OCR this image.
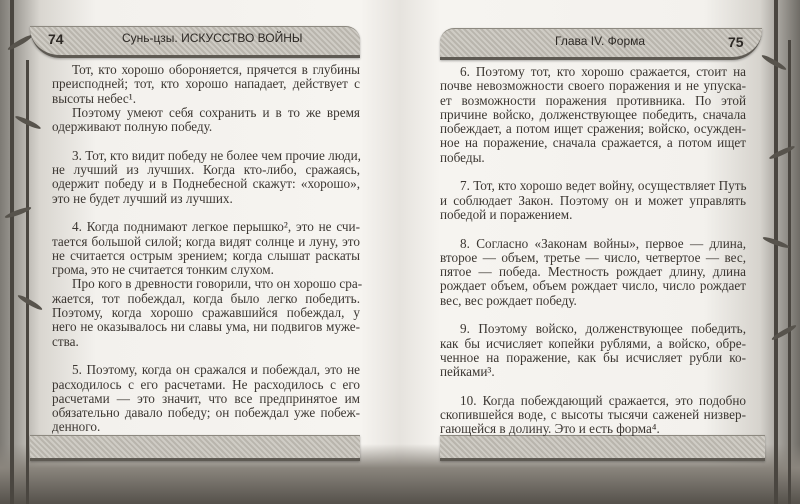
74	Сунь-цзы. ИСКУССТВО ВОЙНЫ	Глава IV. Форма	75
Тот, кто хорошо обороняется, прячется в глубины
преисподней; тот, кто хорошо нападает, действует с
высоты небес¹.
Поэтому умеют себя сохранить и в то же время
одерживают полную победу.
3. Тот, кто видит победу не более чем прочие люди,
не лучший из лучших. Когда кто-либо, сражаясь,
одержит победу и в Поднебесной скажут: «хорошо»,
это не будет лучший из лучших.
4. Когда поднимают легкое перышко², это не счи-
тается большой силой; когда видят солнце и луну, это
не считается острым зрением; когда слышат раскаты
грома, это не считается тонким слухом.
Про кого в древности говорили, что он хорошо сра-
жается, тот побеждал, когда было легко победить.
Поэтому, когда хорошо сражавшийся побеждал, у
него не оказывалось ни славы ума, ни подвигов муже-
ства.
5. Поэтому, когда он сражался и побеждал, это не
расходилось с его расчетами. Не расходилось с его
расчетами — это значит, что все предпринятое им
обязательно давало победу; он побеждал уже побеж-
денного.
6. Поэтому тот, кто хорошо сражается, стоит на
почве невозможности своего поражения и не упуска-
ет возможности поражения противника. По этой
причине войско, долженствующее победить, сначала
побеждает, а потом ищет сражения; войско, осужден-
ное на поражение, сначала сражается, а потом ищет
победы.
7. Тот, кто хорошо ведет войну, осуществляет Путь
и соблюдает Закон. Поэтому он и может управлять
победой и поражением.
8. Согласно «Законам войны», первое — длина,
второе — объем, третье — число, четвертое — вес,
пятое — победа. Местность рождает длину, длина
рождает объем, объем рождает число, число рождает
вес, вес рождает победу.
9. Поэтому войско, долженствующее победить,
как бы исчисляет копейки рублями, а войско, обре-
ченное на поражение, как бы исчисляет рубли ко-
пейками³.
10. Когда побеждающий сражается, это подобно
скопившейся воде, с высоты тысячи саженей низвер-
гающейся в долину. Это и есть форма⁴.
